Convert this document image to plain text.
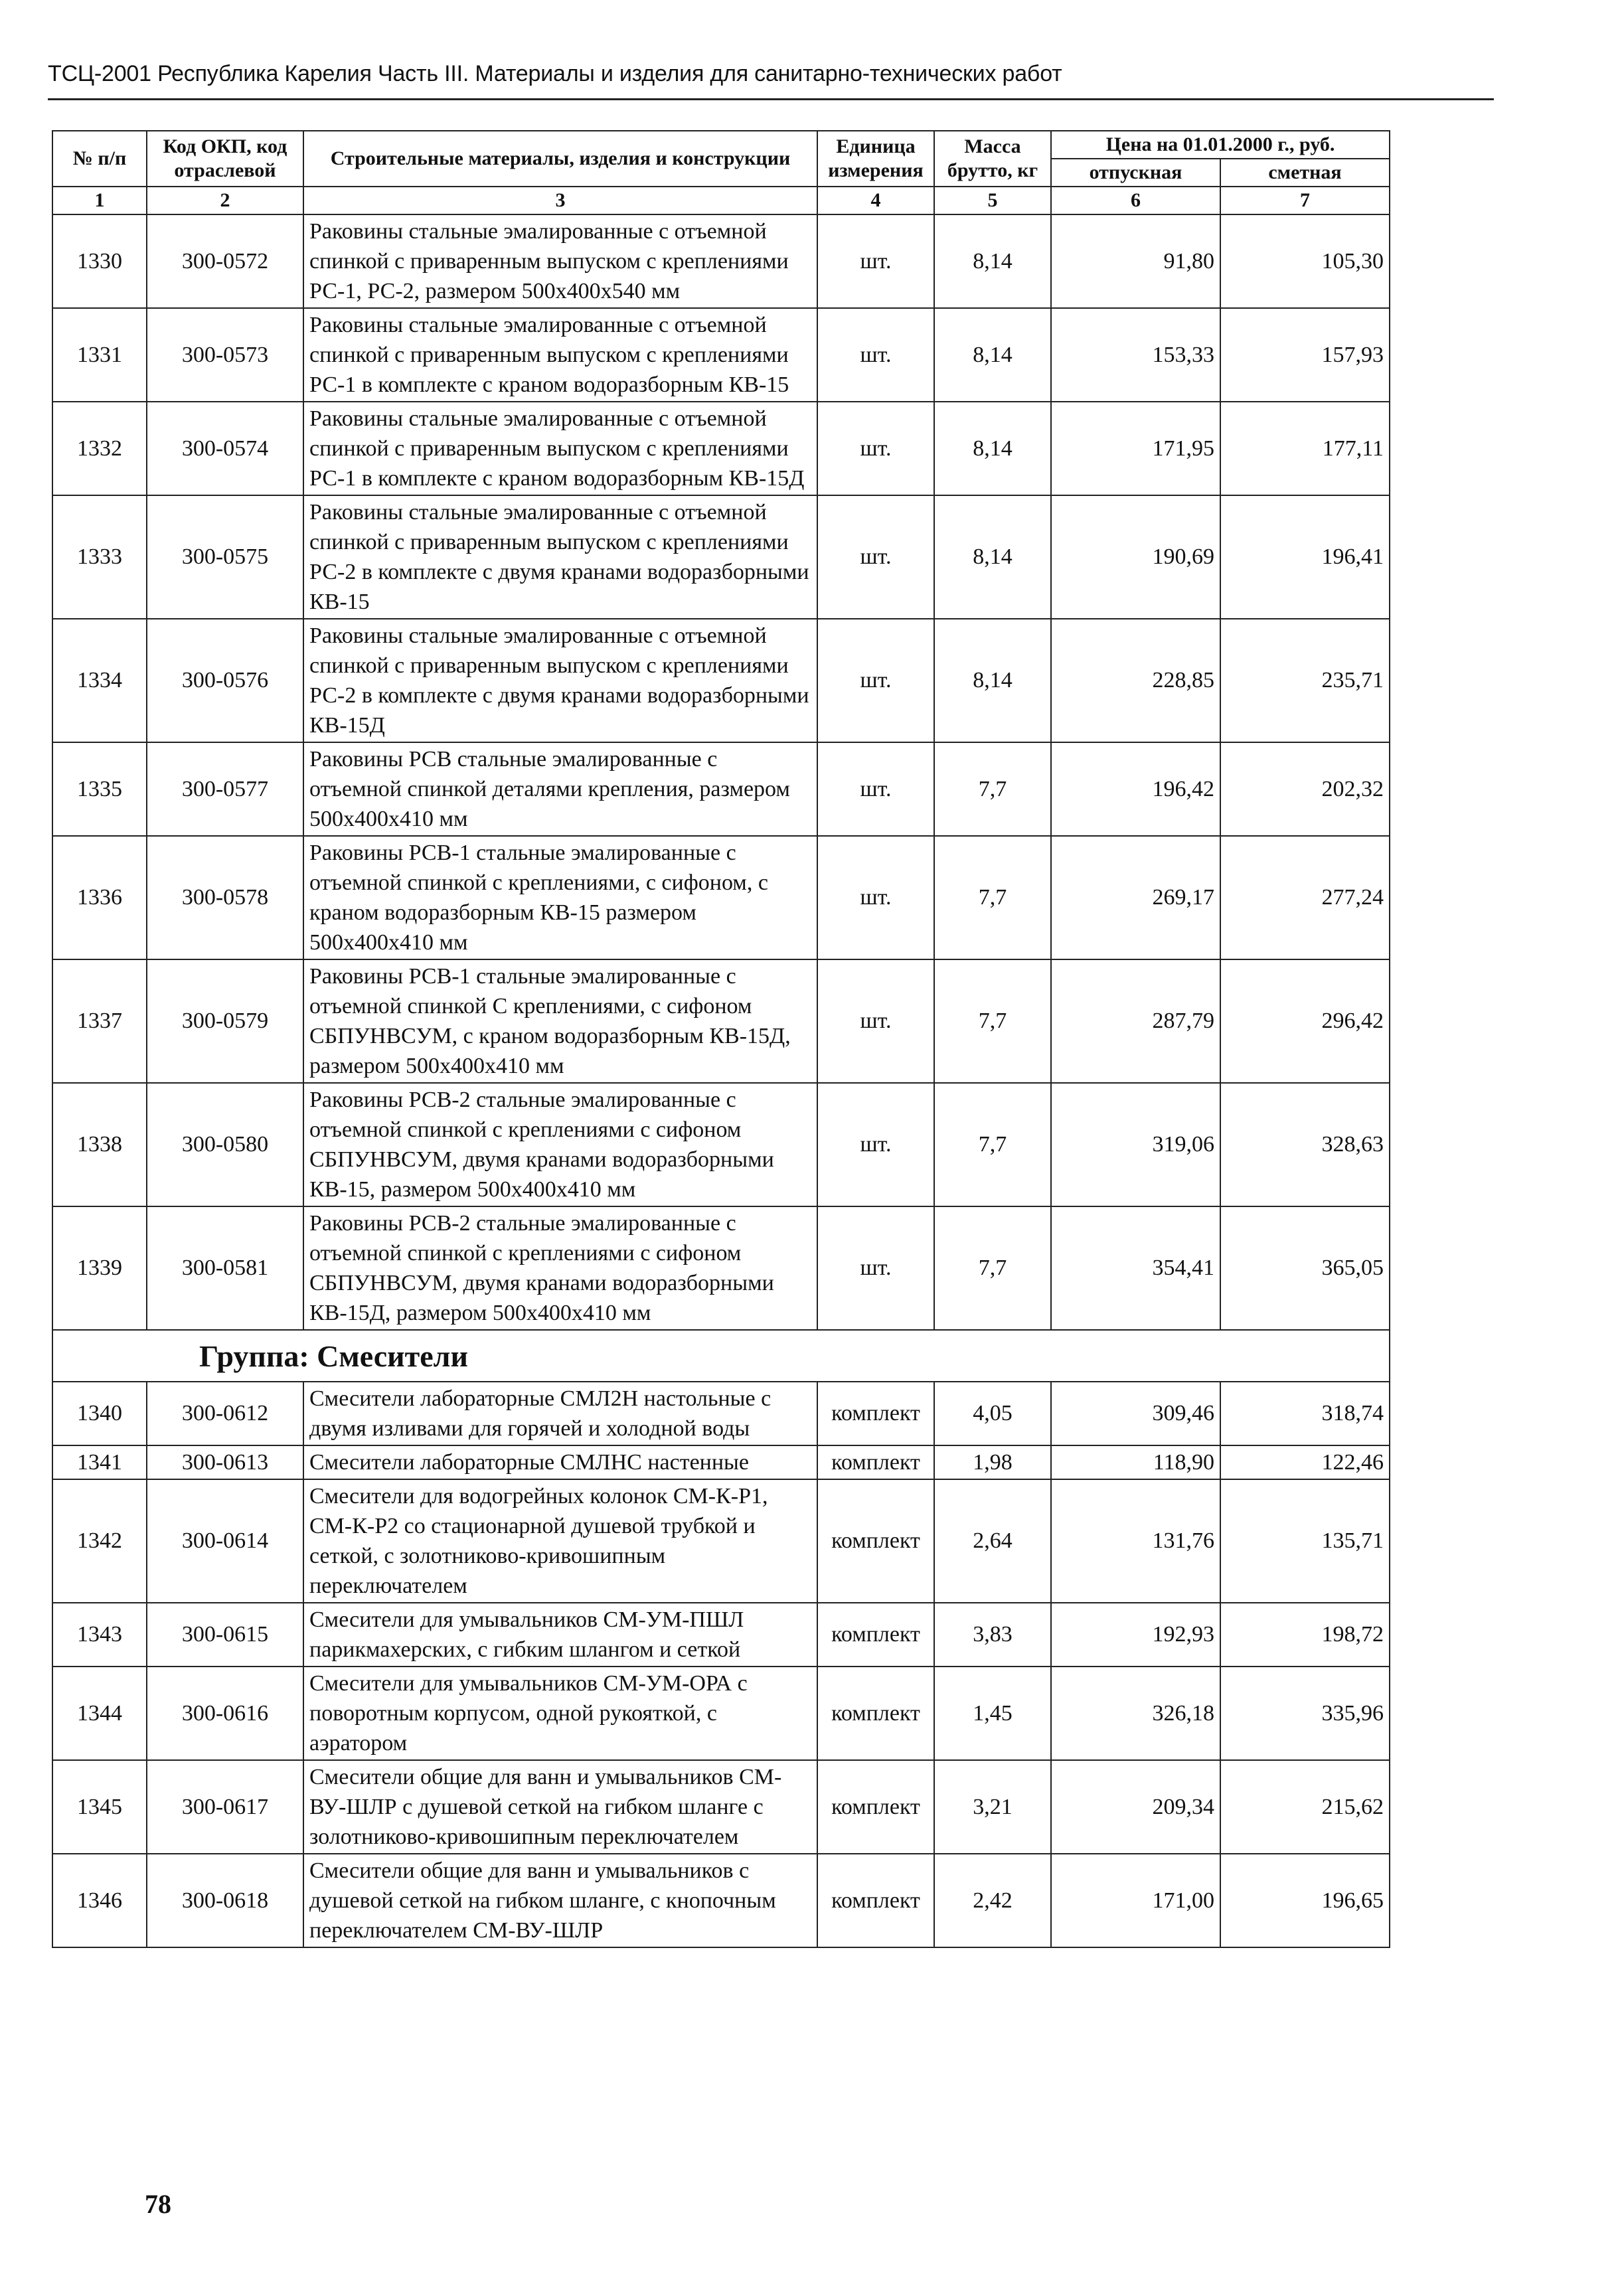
ТСЦ-2001 Республика Карелия Часть III. Материалы и изделия для санитарно-технических работ
№ п/п	Код ОКП, код отраслевой	Строительные материалы, изделия и конструкции	Единица измерения	Масса брутто, кг	Цена на 01.01.2000 г., руб.	
					отпускная	сметная
1	2	3	4	5	6	7
1330	300-0572	Раковины стальные эмалированные с отъемной спинкой с приваренным выпуском с креплениями РС-1, РС-2, размером 500х400х540 мм	шт.	8,14	91,80	105,30
1331	300-0573	Раковины стальные эмалированные с отъемной спинкой с приваренным выпуском с креплениями РС-1 в комплекте с краном водоразборным КВ-15	шт.	8,14	153,33	157,93
1332	300-0574	Раковины стальные эмалированные с отъемной спинкой с приваренным выпуском с креплениями РС-1 в комплекте с краном водоразборным КВ-15Д	шт.	8,14	171,95	177,11
1333	300-0575	Раковины стальные эмалированные с отъемной спинкой с приваренным выпуском с креплениями РС-2 в комплекте с двумя кранами водоразборными КВ-15	шт.	8,14	190,69	196,41
1334	300-0576	Раковины стальные эмалированные с отъемной спинкой с приваренным выпуском с креплениями РС-2 в комплекте с двумя кранами водоразборными КВ-15Д	шт.	8,14	228,85	235,71
1335	300-0577	Раковины РСВ стальные эмалированные с отъемной спинкой деталями крепления, размером 500х400х410 мм	шт.	7,7	196,42	202,32
1336	300-0578	Раковины РСВ-1 стальные эмалированные с отъемной спинкой с креплениями, с сифоном, с краном водоразборным КВ-15 размером 500х400х410 мм	шт.	7,7	269,17	277,24
1337	300-0579	Раковины РСВ-1 стальные эмалированные с отъемной спинкой С креплениями, с сифоном СБПУНВСУМ, с краном водоразборным КВ-15Д, размером 500х400х410 мм	шт.	7,7	287,79	296,42
1338	300-0580	Раковины РСВ-2 стальные эмалированные с отъемной спинкой с креплениями с сифоном СБПУНВСУМ, двумя кранами водоразборными КВ-15, размером 500х400х410 мм	шт.	7,7	319,06	328,63
1339	300-0581	Раковины РСВ-2 стальные эмалированные с отъемной спинкой с креплениями с сифоном СБПУНВСУМ, двумя кранами водоразборными КВ-15Д, размером 500х400х410 мм	шт.	7,7	354,41	365,05
Группа: Смесители						
1340	300-0612	Смесители лабораторные СМЛ2Н настольные с двумя изливами для горячей и холодной воды	комплект	4,05	309,46	318,74
1341	300-0613	Смесители лабораторные СМЛНС настенные	комплект	1,98	118,90	122,46
1342	300-0614	Смесители для водогрейных колонок СМ-К-Р1, СМ-К-Р2 со стационарной душевой трубкой и сеткой, с золотниково-кривошипным переключателем	комплект	2,64	131,76	135,71
1343	300-0615	Смесители для умывальников СМ-УМ-ПШЛ парикмахерских, с гибким шлангом и сеткой	комплект	3,83	192,93	198,72
1344	300-0616	Смесители для умывальников СМ-УМ-ОРА с поворотным корпусом, одной рукояткой, с аэратором	комплект	1,45	326,18	335,96
1345	300-0617	Смесители общие для ванн и умывальников СМ-ВУ-ШЛР с душевой сеткой на гибком шланге с золотниково-кривошипным переключателем	комплект	3,21	209,34	215,62
1346	300-0618	Смесители общие для ванн и умывальников с душевой сеткой на гибком шланге, с кнопочным переключателем СМ-ВУ-ШЛР	комплект	2,42	171,00	196,65
78
